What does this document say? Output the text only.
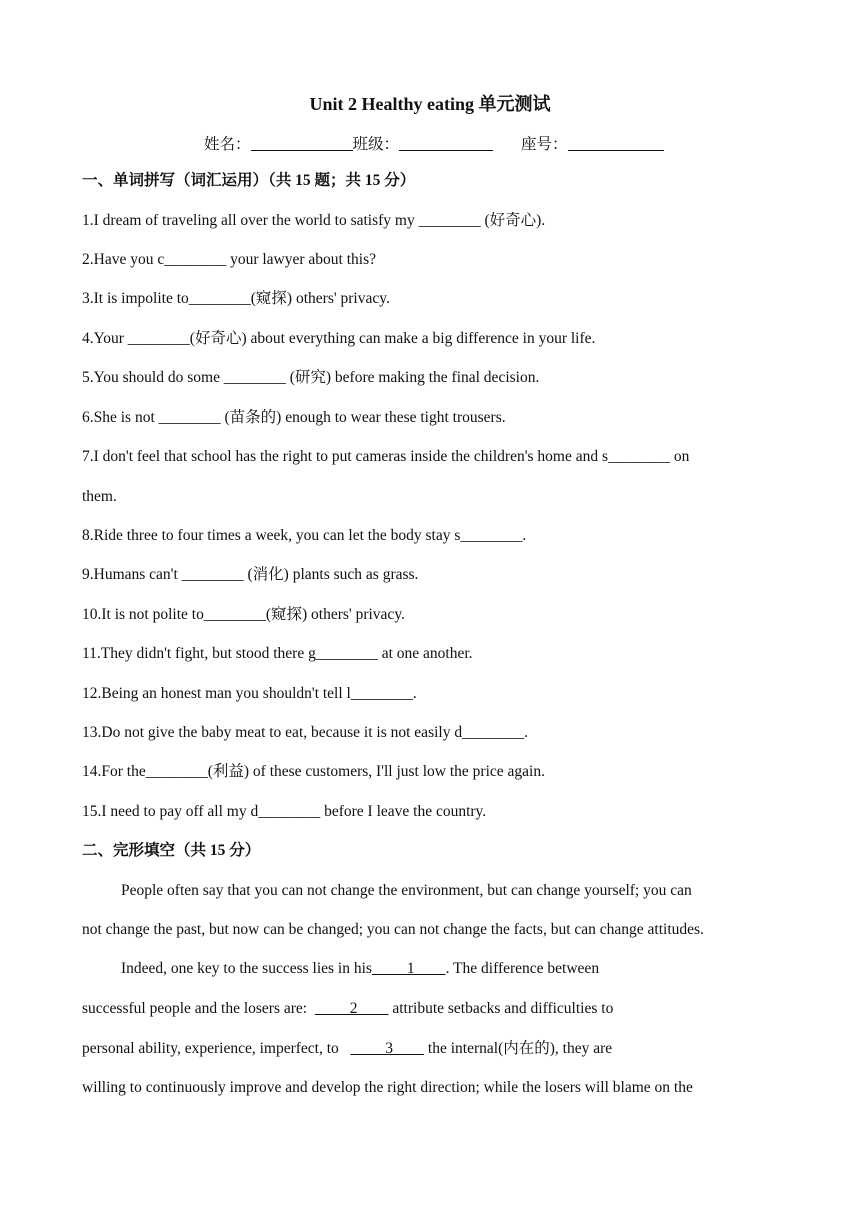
Unit 2 Healthy eating 单元测试
姓名：	班级：	座号：
一、单词拼写（词汇运用）（共 15 题；共 15 分）
1.I dream of traveling all over the world to satisfy my ________ (好奇心).
2.Have you c________ your lawyer about this?
3.It is impolite to________(窥探) others' privacy.
4.Your ________(好奇心) about everything can make a big difference in your life.
5.You should do some ________ (研究) before making the final decision.
6.She is not ________ (苗条的) enough to wear these tight trousers.
7.I don't feel that school has the right to put cameras inside the children's home and s________ on
them.
8.Ride three to four times a week, you can let the body stay s________.
9.Humans can't ________ (消化) plants such as grass.
10.It is not polite to________(窥探) others' privacy.
11.They didn't fight, but stood there g________ at one another.
12.Being an honest man you shouldn't tell l________.
13.Do not give the baby meat to eat, because it is not easily d________.
14.For the________(利益) of these customers, I'll just low the price again.
15.I need to pay off all my d________ before I leave the country.
二、完形填空（共 15 分）
People often say that you can not change the environment, but can change yourself; you can
not change the past, but now can be changed; you can not change the facts, but can change attitudes.
Indeed, one key to the success lies in his         1        . The difference between
successful people and the losers are:           2         attribute setbacks and difficulties to
personal ability, experience, imperfect, to            3         the internal(内在的), they are
willing to continuously improve and develop the right direction; while the losers will blame on the
